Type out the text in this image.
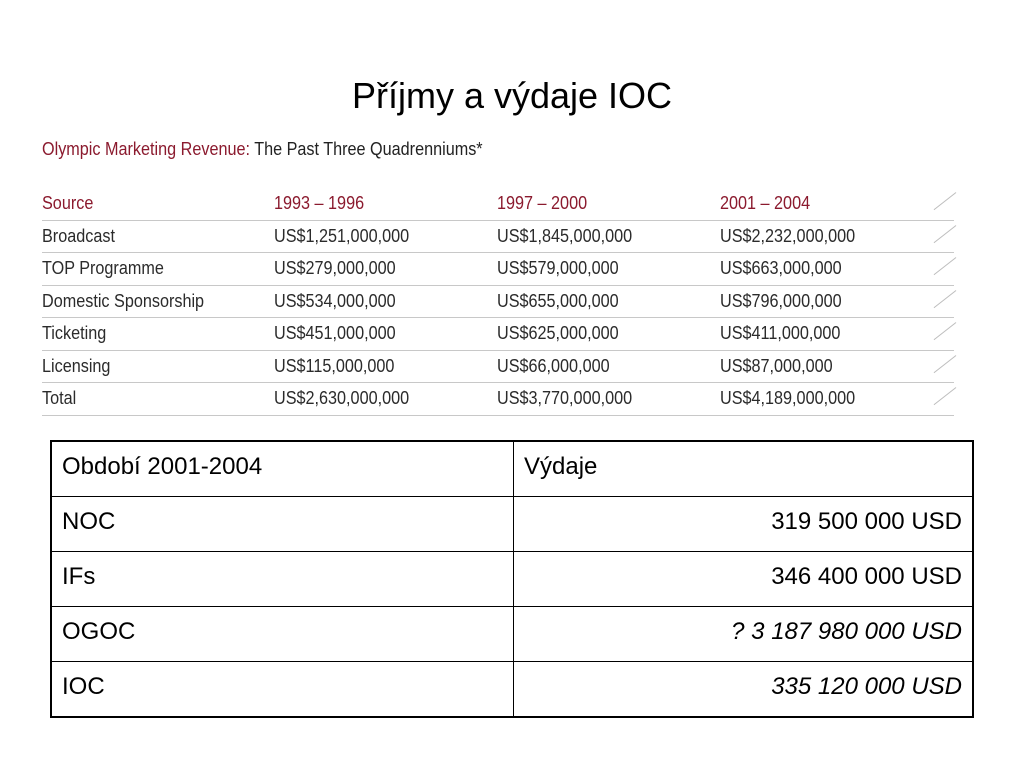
Příjmy a výdaje IOC
Olympic Marketing Revenue: The Past Three Quadrenniums*
Source	1993 – 1996	1997 – 2000	2001 – 2004
Broadcast	US$1,251,000,000	US$1,845,000,000	US$2,232,000,000
TOP Programme	US$279,000,000	US$579,000,000	US$663,000,000
Domestic Sponsorship	US$534,000,000	US$655,000,000	US$796,000,000
Ticketing	US$451,000,000	US$625,000,000	US$411,000,000
Licensing	US$115,000,000	US$66,000,000	US$87,000,000
Total	US$2,630,000,000	US$3,770,000,000	US$4,189,000,000
Období 2001-2004	Výdaje
NOC	319 500 000 USD
IFs	346 400 000 USD
OGOC	? 3 187 980 000 USD
IOC	335 120 000 USD
